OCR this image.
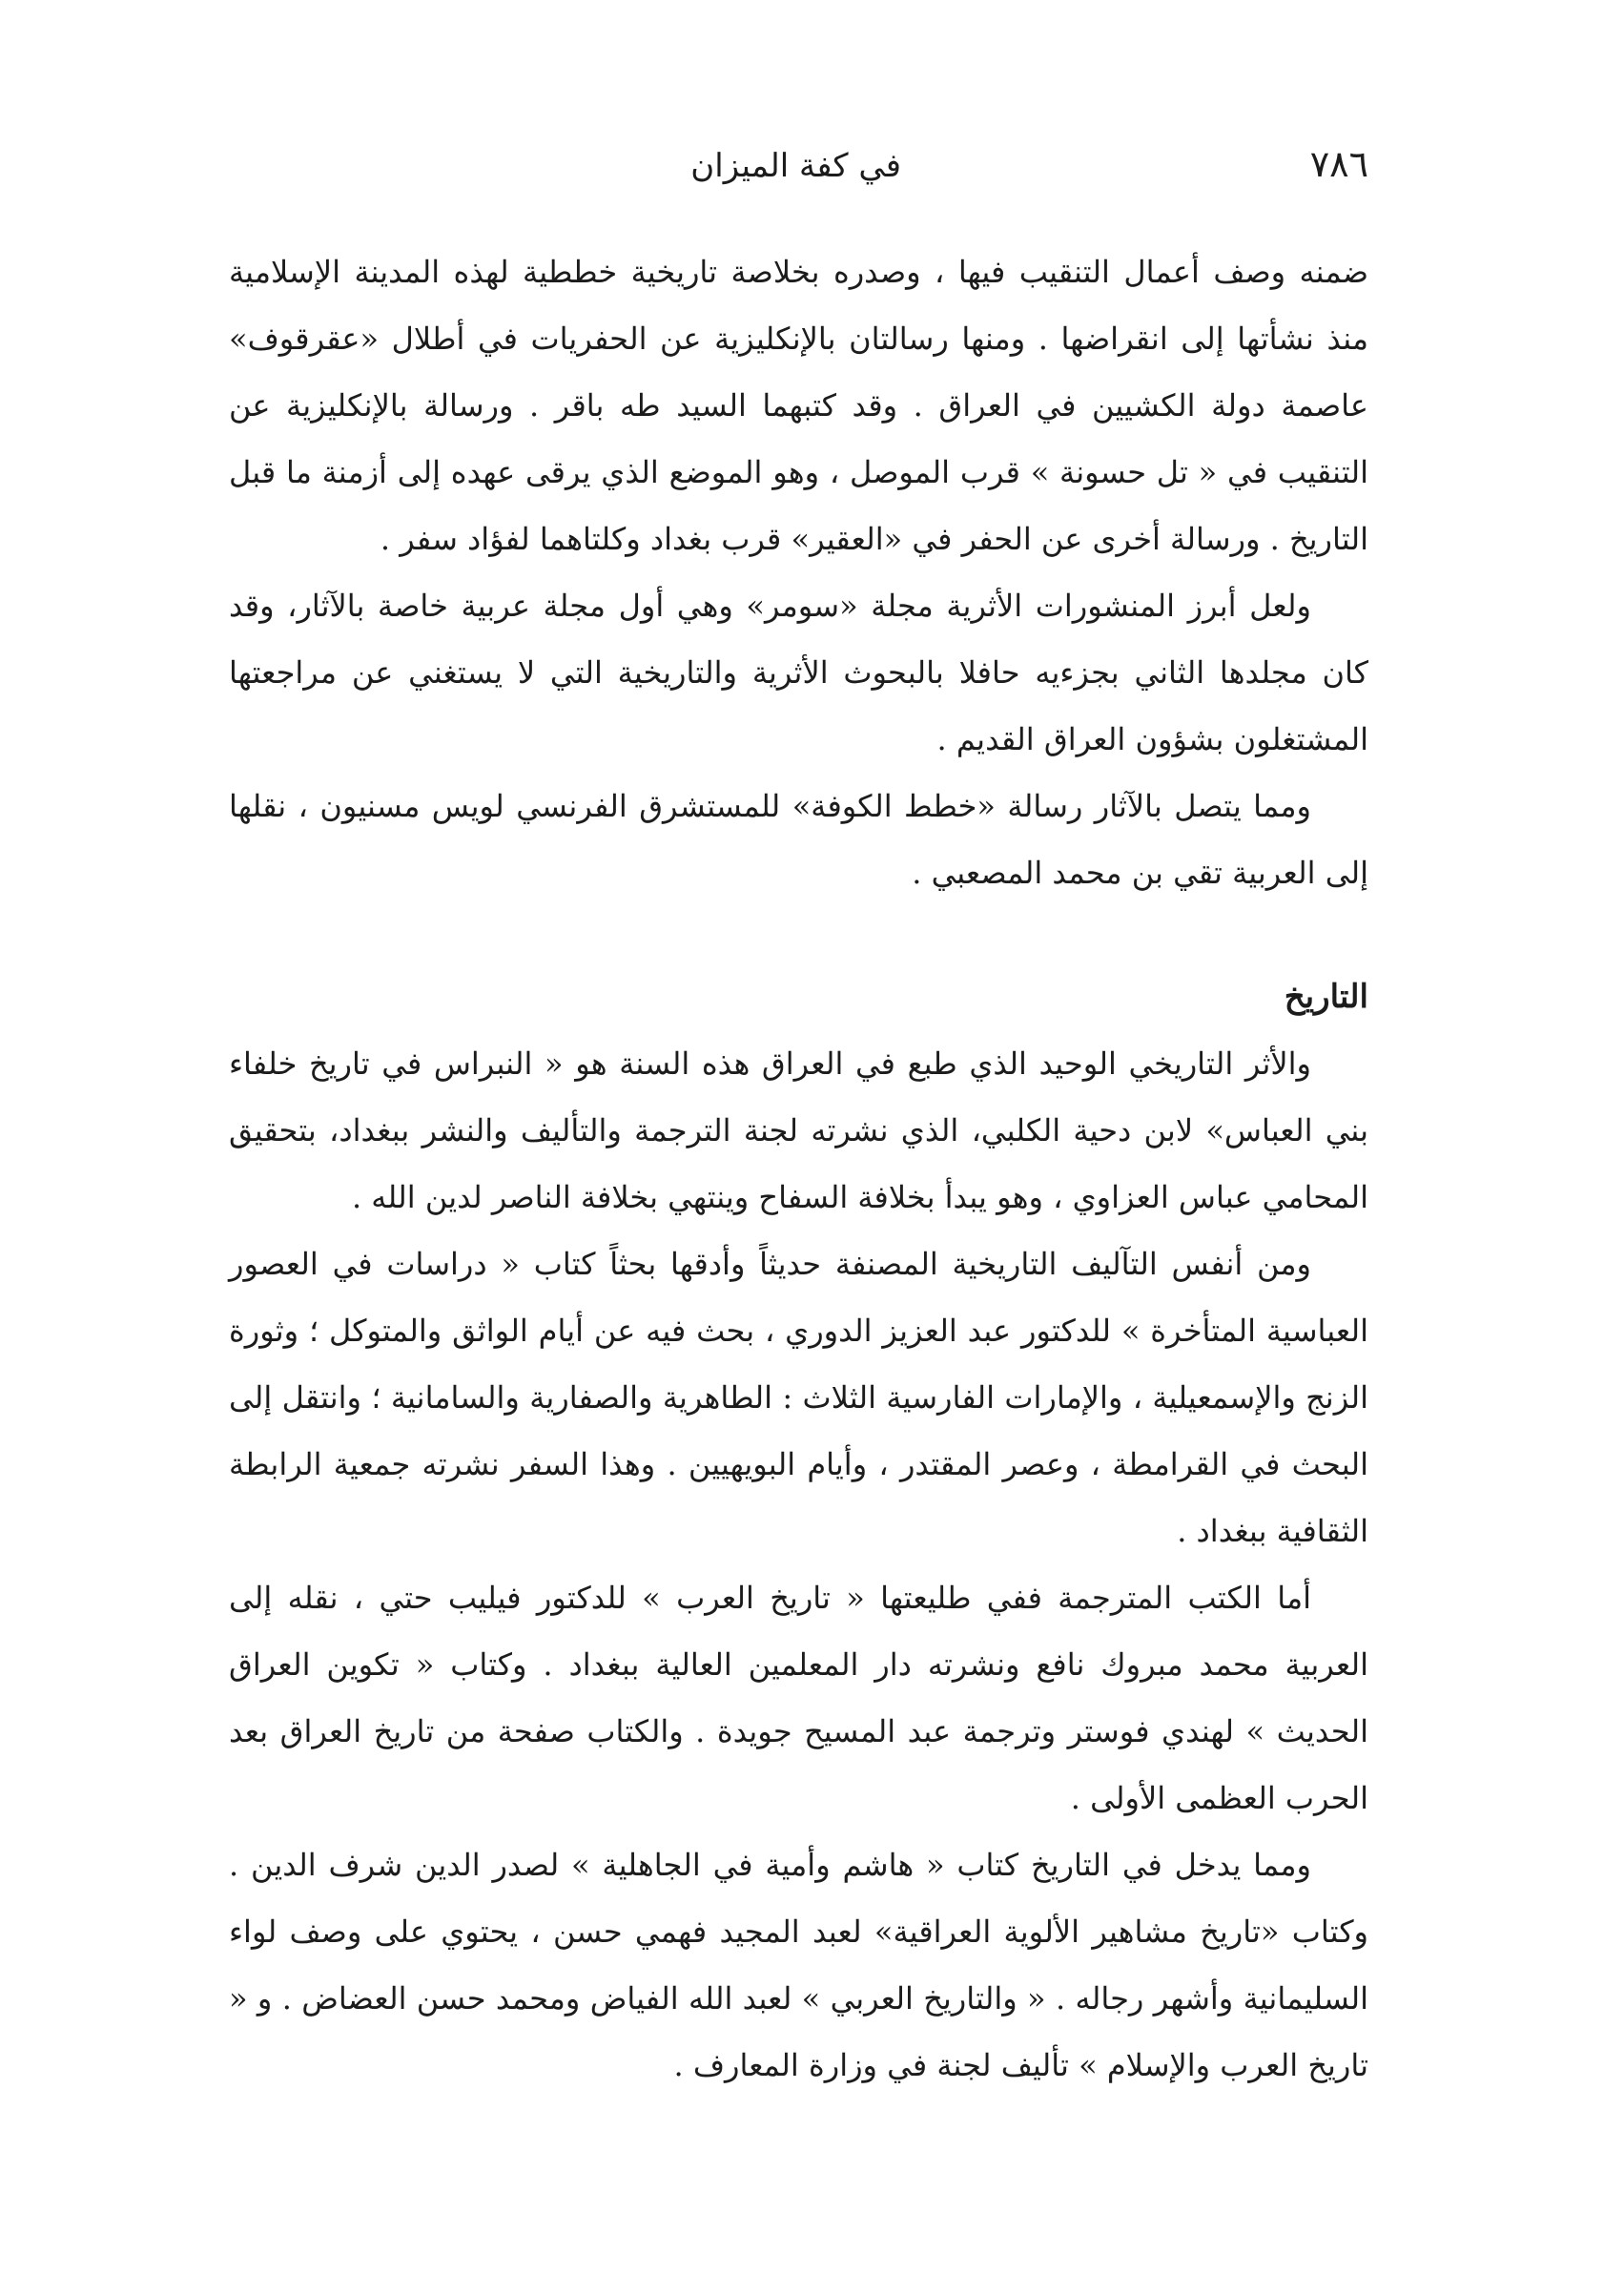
٧٨٦
في كفة الميزان

ضمنه وصف أعمال التنقيب فيها ، وصدره بخلاصة تاريخية خططية لهذه المدينة الإسلامية منذ نشأتها إلى انقراضها . ومنها رسالتان بالإنكليزية عن الحفريات في أطلال «عقرقوف» عاصمة دولة الكشيين في العراق . وقد كتبهما السيد طه باقر . ورسالة بالإنكليزية عن التنقيب في « تل حسونة » قرب الموصل ، وهو الموضع الذي يرقى عهده إلى أزمنة ما قبل التاريخ . ورسالة أخرى عن الحفر في «العقير» قرب بغداد وكلتاهما لفؤاد سفر .

ولعل أبرز المنشورات الأثرية مجلة «سومر» وهي أول مجلة عربية خاصة بالآثار، وقد كان مجلدها الثاني بجزءيه حافلا بالبحوث الأثرية والتاريخية التي لا يستغني عن مراجعتها المشتغلون بشؤون العراق القديم .

ومما يتصل بالآثار رسالة «خطط الكوفة» للمستشرق الفرنسي لويس مسنيون ، نقلها إلى العربية تقي بن محمد المصعبي .

التاريخ

والأثر التاريخي الوحيد الذي طبع في العراق هذه السنة هو « النبراس في تاريخ خلفاء بني العباس» لابن دحية الكلبي، الذي نشرته لجنة الترجمة والتأليف والنشر ببغداد، بتحقيق المحامي عباس العزاوي ، وهو يبدأ بخلافة السفاح وينتهي بخلافة الناصر لدين الله .

ومن أنفس التآليف التاريخية المصنفة حديثاً وأدقها بحثاً كتاب « دراسات في العصور العباسية المتأخرة » للدكتور عبد العزيز الدوري ، بحث فيه عن أيام الواثق والمتوكل ؛ وثورة الزنج والإسمعيلية ، والإمارات الفارسية الثلاث : الطاهرية والصفارية والسامانية ؛ وانتقل إلى البحث في القرامطة ، وعصر المقتدر ، وأيام البويهيين . وهذا السفر نشرته جمعية الرابطة الثقافية ببغداد .

أما الكتب المترجمة ففي طليعتها « تاريخ العرب » للدكتور فيليب حتي ، نقله إلى العربية محمد مبروك نافع ونشرته دار المعلمين العالية ببغداد . وكتاب « تكوين العراق الحديث » لهندي فوستر وترجمة عبد المسيح جويدة . والكتاب صفحة من تاريخ العراق بعد الحرب العظمى الأولى .

ومما يدخل في التاريخ كتاب « هاشم وأمية في الجاهلية » لصدر الدين شرف الدين . وكتاب «تاريخ مشاهير الألوية العراقية» لعبد المجيد فهمي حسن ، يحتوي على وصف لواء السليمانية وأشهر رجاله . « والتاريخ العربي » لعبد الله الفياض ومحمد حسن العضاض . و « تاريخ العرب والإسلام » تأليف لجنة في وزارة المعارف .
